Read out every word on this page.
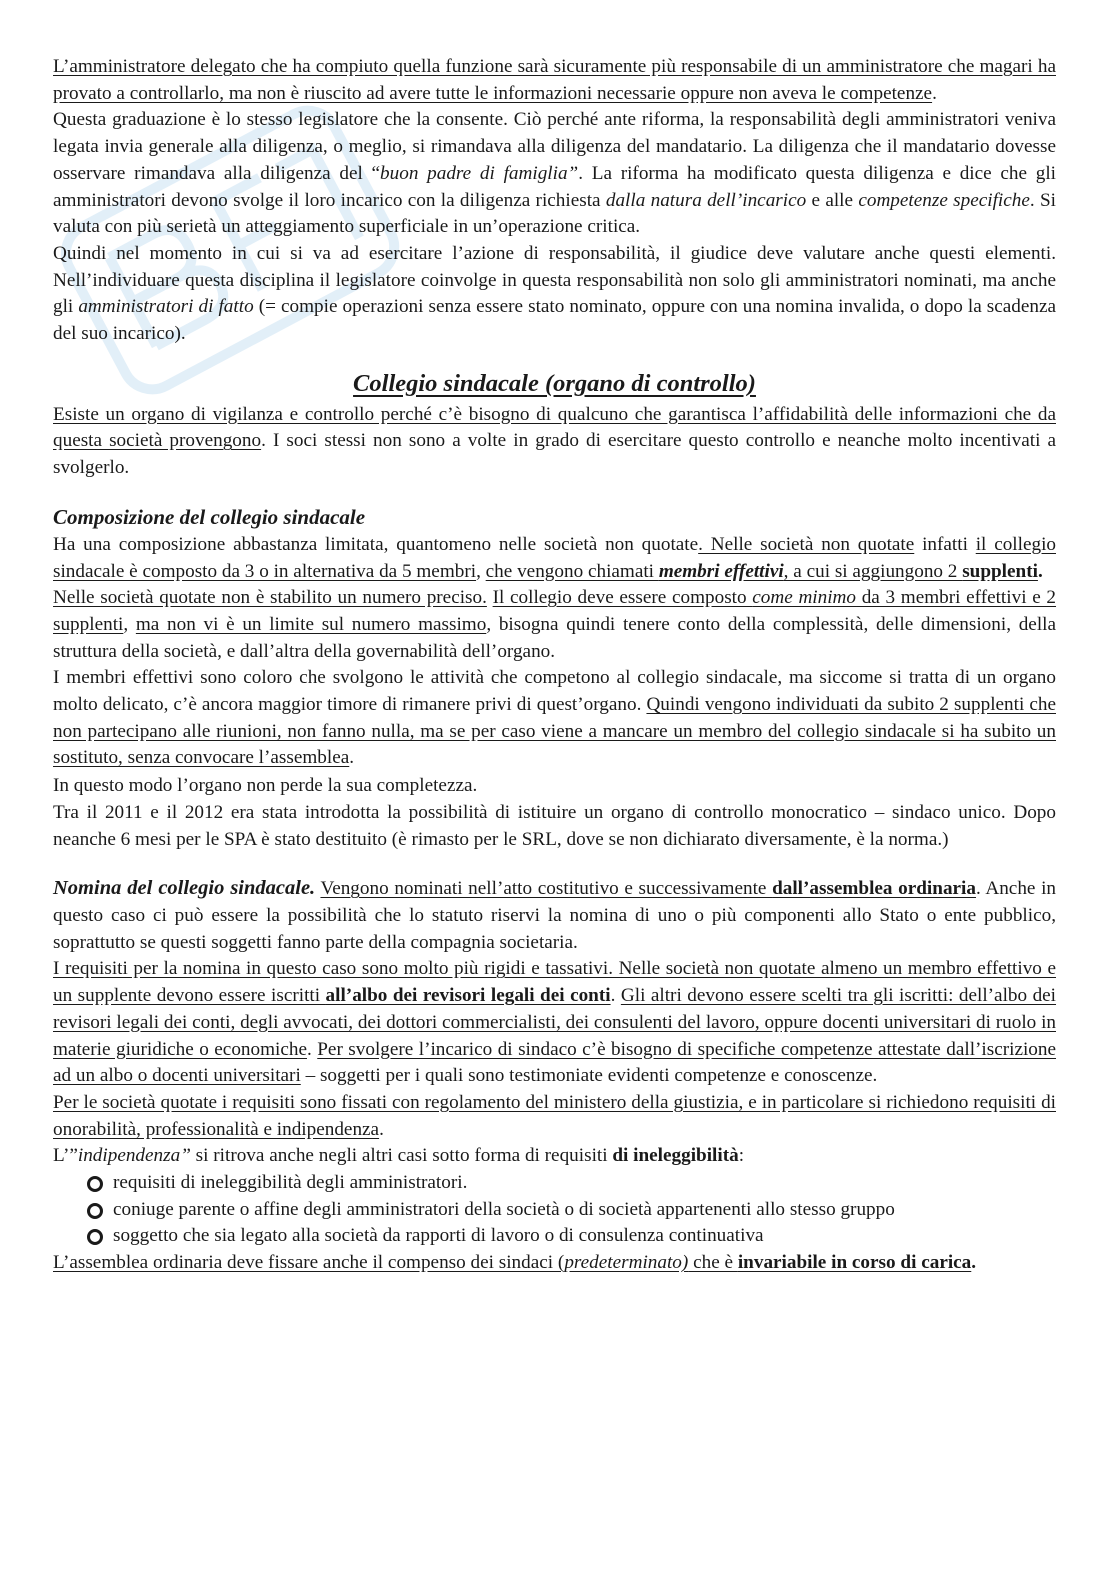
L’amministratore delegato che ha compiuto quella funzione sarà sicuramente più responsabile di un amministratore che magari ha provato a controllarlo, ma non è riuscito ad avere tutte le informazioni necessarie oppure non aveva le competenze.

Questa graduazione è lo stesso legislatore che la consente. Ciò perché ante riforma, la responsabilità degli amministratori veniva legata invia generale alla diligenza, o meglio, si rimandava alla diligenza del mandatario. La diligenza che il mandatario dovesse osservare rimandava alla diligenza del “buon padre di famiglia”. La riforma ha modificato questa diligenza e dice che gli amministratori devono svolge il loro incarico con la diligenza richiesta dalla natura dell’incarico e alle competenze specifiche. Si valuta con più serietà un atteggiamento superficiale in un’operazione critica.

Quindi nel momento in cui si va ad esercitare l’azione di responsabilità, il giudice deve valutare anche questi elementi. Nell’individuare questa disciplina il legislatore coinvolge in questa responsabilità non solo gli amministratori nominati, ma anche gli amministratori di fatto (= compie operazioni senza essere stato nominato, oppure con una nomina invalida, o dopo la scadenza del suo incarico).

Collegio sindacale (organo di controllo)

Esiste un organo di vigilanza e controllo perché c’è bisogno di qualcuno che garantisca l’affidabilità delle informazioni che da questa società provengono. I soci stessi non sono a volte in grado di esercitare questo controllo e neanche molto incentivati a svolgerlo.

Composizione del collegio sindacale

Ha una composizione abbastanza limitata, quantomeno nelle società non quotate. Nelle società non quotate infatti il collegio sindacale è composto da 3 o in alternativa da 5 membri, che vengono chiamati membri effettivi, a cui si aggiungono 2 supplenti.

Nelle società quotate non è stabilito un numero preciso. Il collegio deve essere composto come minimo da 3 membri effettivi e 2 supplenti, ma non vi è un limite sul numero massimo, bisogna quindi tenere conto della complessità, delle dimensioni, della struttura della società, e dall’altra della governabilità dell’organo.

I membri effettivi sono coloro che svolgono le attività che competono al collegio sindacale, ma siccome si tratta di un organo molto delicato, c’è ancora maggior timore di rimanere privi di quest’organo. Quindi vengono individuati da subito 2 supplenti che non partecipano alle riunioni, non fanno nulla, ma se per caso viene a mancare un membro del collegio sindacale si ha subito un sostituto, senza convocare l’assemblea.

In questo modo l’organo non perde la sua completezza.

Tra il 2011 e il 2012 era stata introdotta la possibilità di istituire un organo di controllo monocratico – sindaco unico. Dopo neanche 6 mesi per le SPA è stato destituito (è rimasto per le SRL, dove se non dichiarato diversamente, è la norma.)

Nomina del collegio sindacale. Vengono nominati nell’atto costitutivo e successivamente dall’assemblea ordinaria. Anche in questo caso ci può essere la possibilità che lo statuto riservi la nomina di uno o più componenti allo Stato o ente pubblico, soprattutto se questi soggetti fanno parte della compagnia societaria.

I requisiti per la nomina in questo caso sono molto più rigidi e tassativi. Nelle società non quotate almeno un membro effettivo e un supplente devono essere iscritti all’albo dei revisori legali dei conti. Gli altri devono essere scelti tra gli iscritti: dell’albo dei revisori legali dei conti, degli avvocati, dei dottori commercialisti, dei consulenti del lavoro, oppure docenti universitari di ruolo in materie giuridiche o economiche. Per svolgere l’incarico di sindaco c’è bisogno di specifiche competenze attestate dall’iscrizione ad un albo o docenti universitari – soggetti per i quali sono testimoniate evidenti competenze e conoscenze.

Per le società quotate i requisiti sono fissati con regolamento del ministero della giustizia, e in particolare si richiedono requisiti di onorabilità, professionalità e indipendenza.

L’”indipendenza” si ritrova anche negli altri casi sotto forma di requisiti di ineleggibilità:

requisiti di ineleggibilità degli amministratori.
coniuge parente o affine degli amministratori della società o di società appartenenti allo stesso gruppo
soggetto che sia legato alla società da rapporti di lavoro o di consulenza continuativa

L’assemblea ordinaria deve fissare anche il compenso dei sindaci (predeterminato) che è invariabile in corso di carica.
